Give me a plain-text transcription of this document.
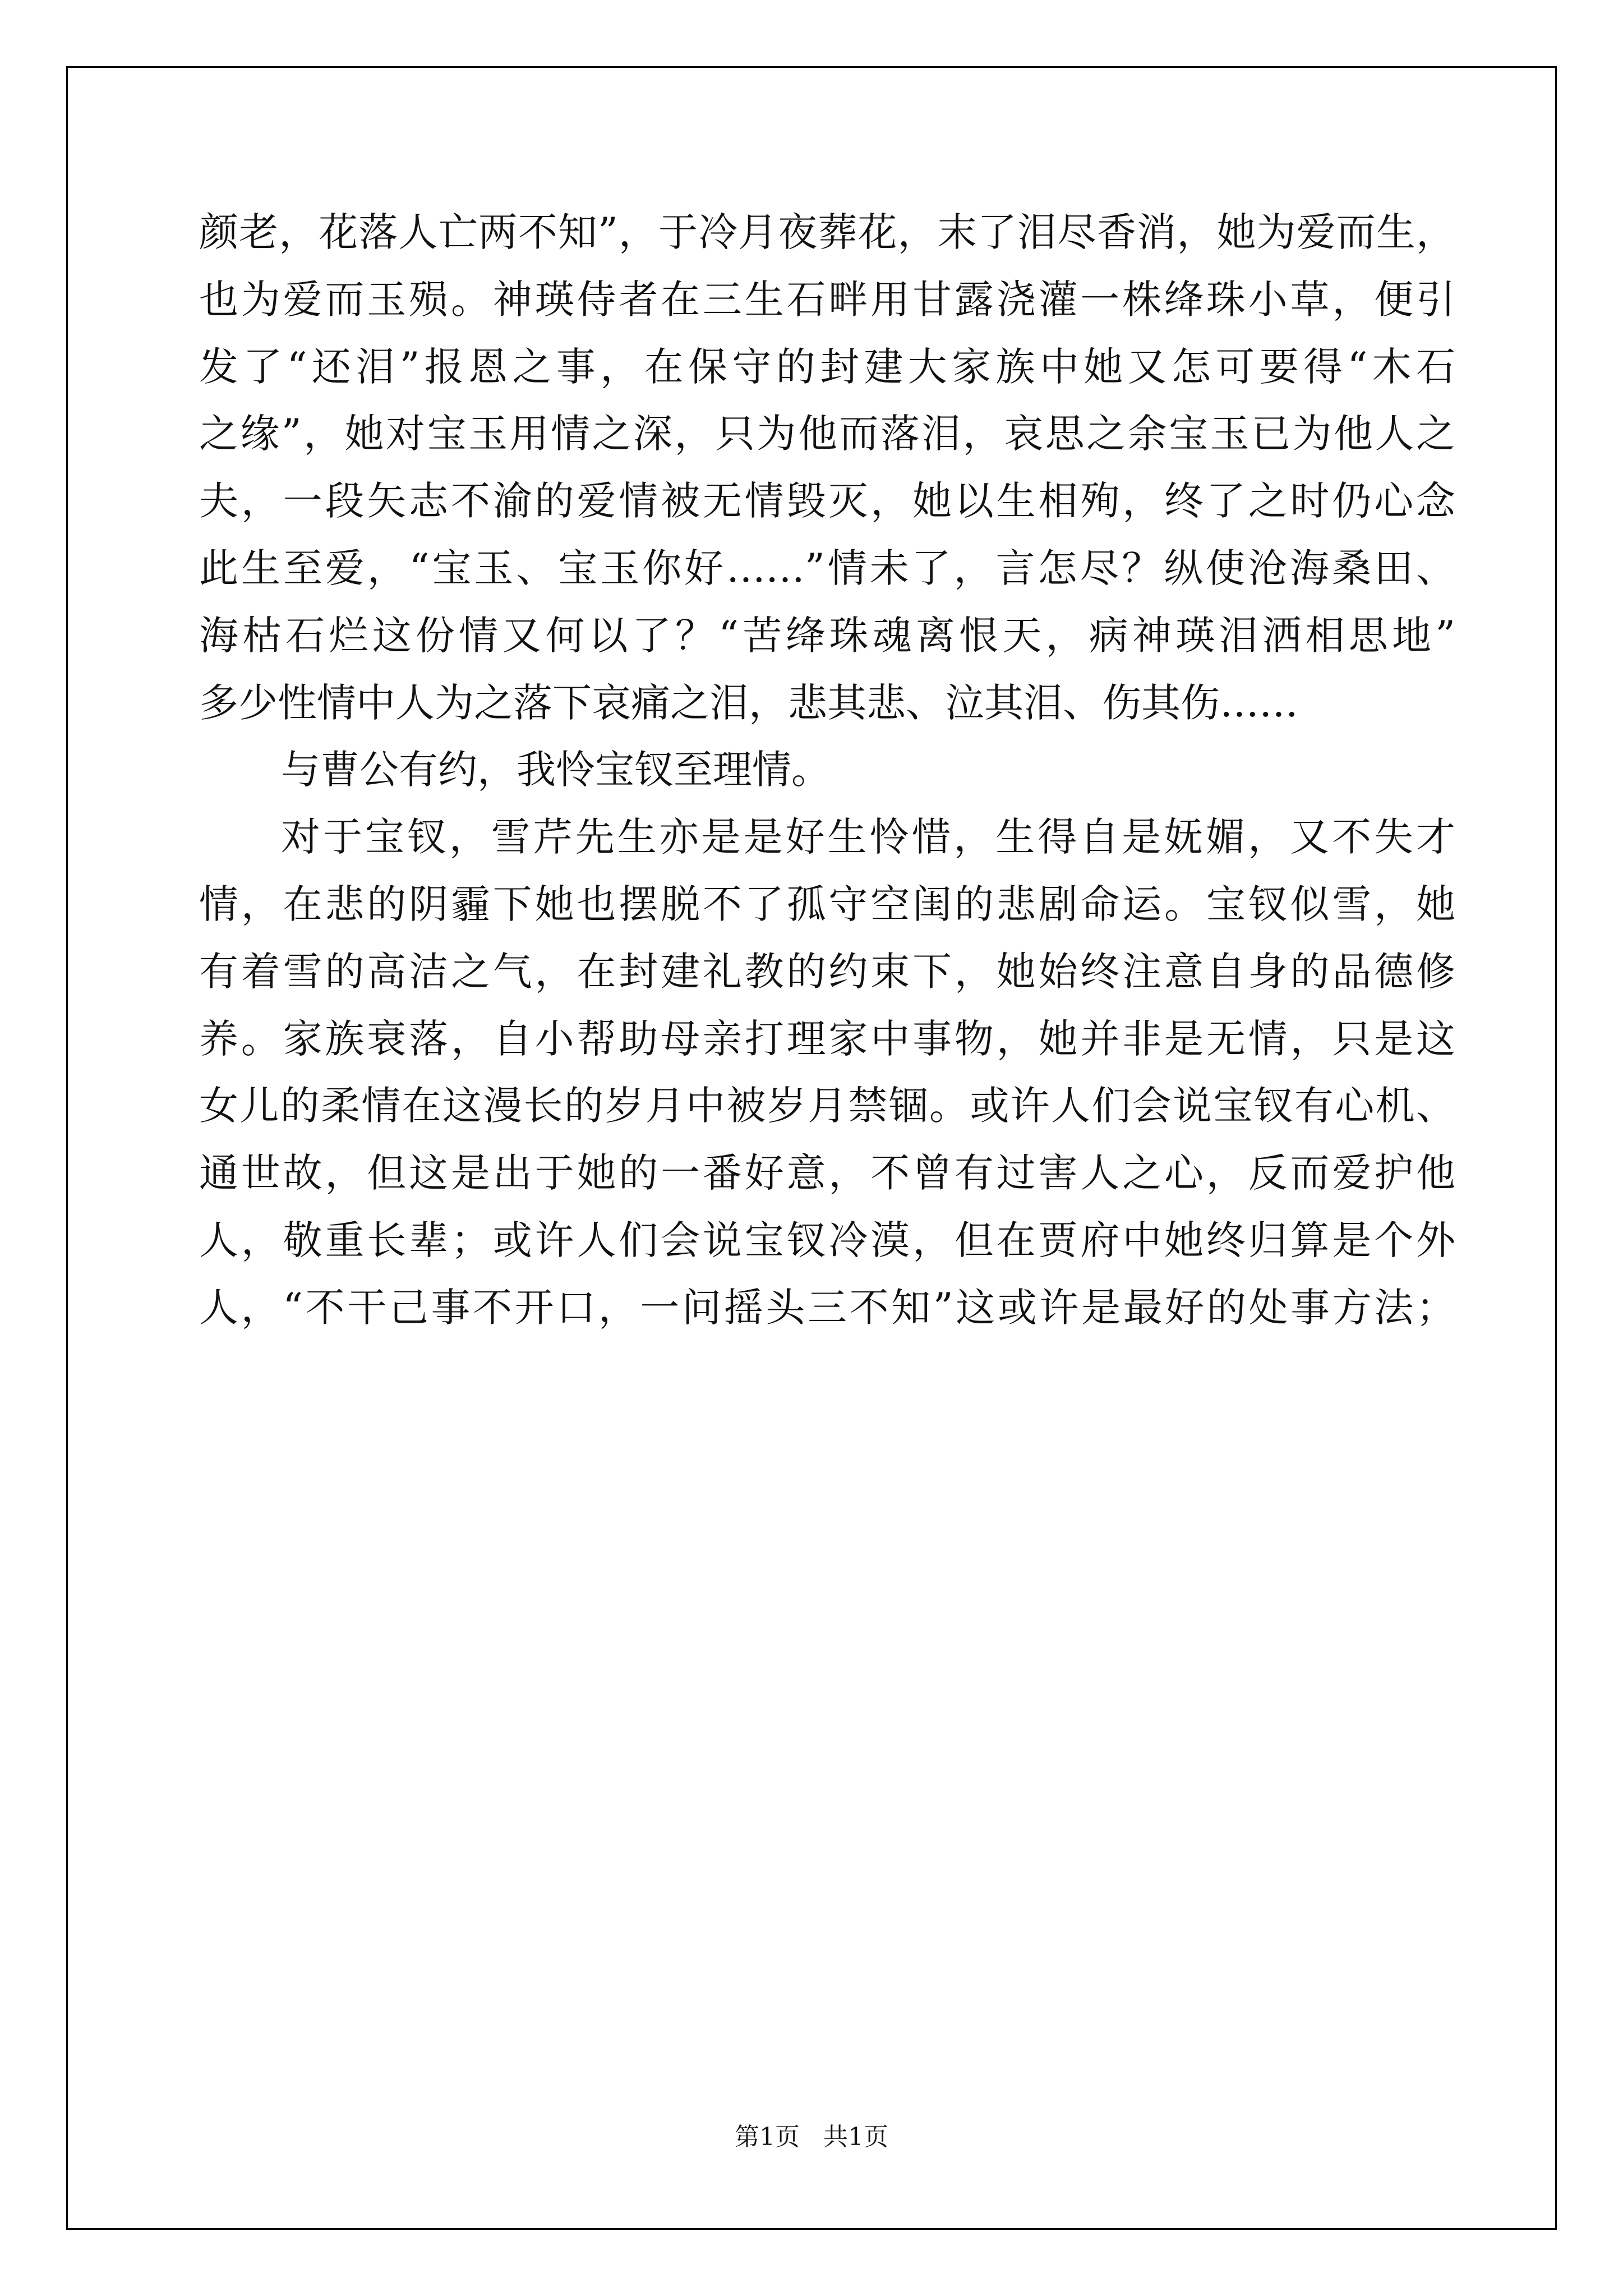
颜老，花落人亡两不知”，于冷月夜葬花，末了泪尽香消，她为爱而生，
也为爱而玉殒。神瑛侍者在三生石畔用甘露浇灌一株绛珠小草，便引
发了“还泪”报恩之事，在保守的封建大家族中她又怎可要得“木石
之缘”，她对宝玉用情之深，只为他而落泪，哀思之余宝玉已为他人之
夫，一段矢志不渝的爱情被无情毁灭，她以生相殉，终了之时仍心念
此生至爱，“宝玉、宝玉你好……”情未了，言怎尽？纵使沧海桑田、
海枯石烂这份情又何以了？“苦绛珠魂离恨天，病神瑛泪洒相思地”
多少性情中人为之落下哀痛之泪，悲其悲、泣其泪、伤其伤……
与曹公有约，我怜宝钗至理情。
对于宝钗，雪芹先生亦是是好生怜惜，生得自是妩媚，又不失才
情，在悲的阴霾下她也摆脱不了孤守空闺的悲剧命运。宝钗似雪，她
有着雪的高洁之气，在封建礼教的约束下，她始终注意自身的品德修
养。家族衰落，自小帮助母亲打理家中事物，她并非是无情，只是这
女儿的柔情在这漫长的岁月中被岁月禁锢。或许人们会说宝钗有心机、
通世故，但这是出于她的一番好意，不曾有过害人之心，反而爱护他
人，敬重长辈；或许人们会说宝钗冷漠，但在贾府中她终归算是个外
人，“不干己事不开口，一问摇头三不知”这或许是最好的处事方法；
第1页   共1页
